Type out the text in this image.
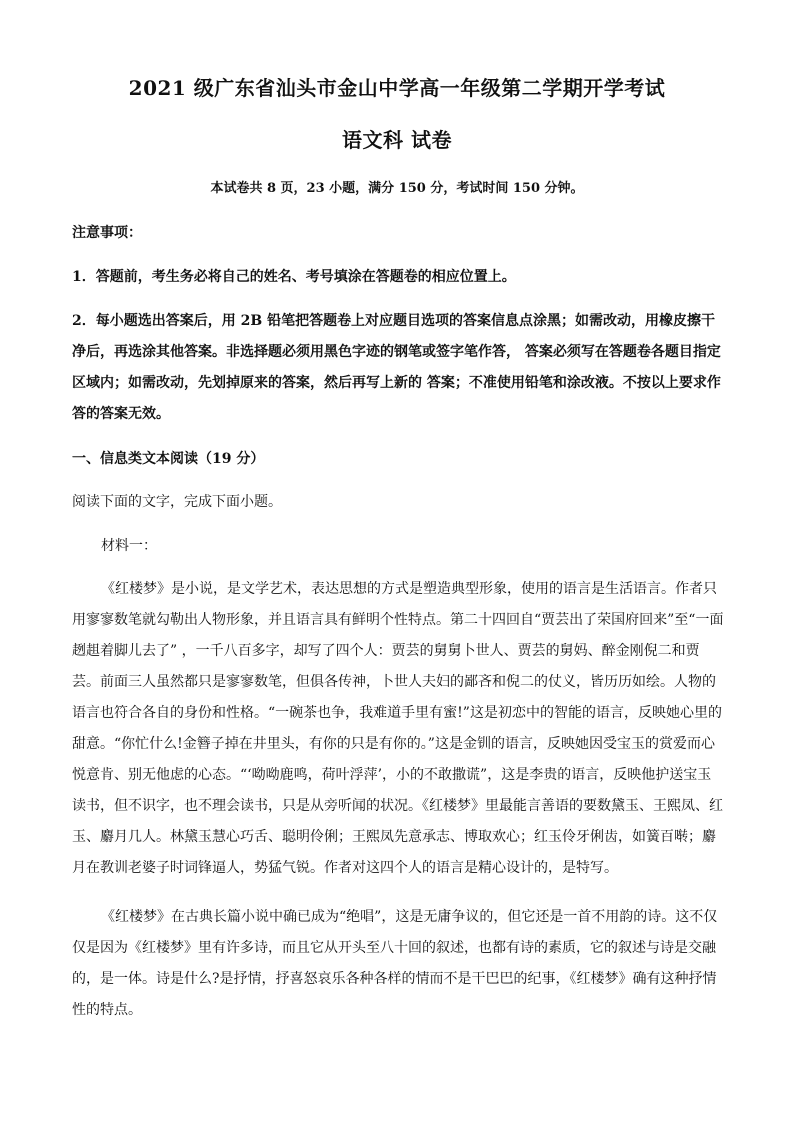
2021 级广东省汕头市金山中学高一年级第二学期开学考试
语文科 试卷
本试卷共 8 页，23 小题，满分 150 分，考试时间 150 分钟。
注意事项：
1．答题前，考生务必将自己的姓名、考号填涂在答题卷的相应位置上。
2．每小题选出答案后，用 2B 铅笔把答题卷上对应题目选项的答案信息点涂黑；如需改动，用橡皮擦干净后，再选涂其他答案。非选择题必须用黑色字迹的钢笔或签字笔作答， 答案必须写在答题卷各题目指定区域内；如需改动，先划掉原来的答案，然后再写上新的 答案；不准使用铅笔和涂改液。不按以上要求作答的答案无效。
一、信息类文本阅读（19 分）
阅读下面的文字，完成下面小题。
材料一：
《红楼梦》是小说，是文学艺术，表达思想的方式是塑造典型形象，使用的语言是生活语言。作者只用寥寥数笔就勾勒出人物形象，并且语言具有鲜明个性特点。第二十四回自“贾芸出了荣国府回来”至“一面趔趄着脚儿去了” ，一千八百多字，却写了四个人：贾芸的舅舅卜世人、贾芸的舅妈、醉金刚倪二和贾芸。前面三人虽然都只是寥寥数笔，但俱各传神，卜世人夫妇的鄙吝和倪二的仗义，皆历历如绘。人物的语言也符合各自的身份和性格。“一碗茶也争，我难道手里有蜜!”这是初恋中的智能的语言，反映她心里的甜意。“你忙什么!金簪子掉在井里头，有你的只是有你的。”这是金钏的语言，反映她因受宝玉的赏爱而心悦意肯、别无他虑的心态。“‘呦呦鹿鸣，荷叶浮萍’，小的不敢撒谎”，这是李贵的语言，反映他护送宝玉读书，但不识字，也不理会读书，只是从旁听闻的状况。《红楼梦》里最能言善语的要数黛玉、王熙凤、红玉、麝月几人。林黛玉慧心巧舌、聪明伶俐；王熙凤先意承志、博取欢心；红玉伶牙俐齿，如簧百啭；麝月在教训老婆子时词锋逼人，势猛气锐。作者对这四个人的语言是精心设计的，是特写。
《红楼梦》在古典长篇小说中确已成为“绝唱”，这是无庸争议的，但它还是一首不用韵的诗。这不仅仅是因为《红楼梦》里有许多诗，而且它从开头至八十回的叙述，也都有诗的素质，它的叙述与诗是交融的，是一体。诗是什么?是抒情，抒喜怒哀乐各种各样的情而不是干巴巴的纪事，《红楼梦》确有这种抒情性的特点。
